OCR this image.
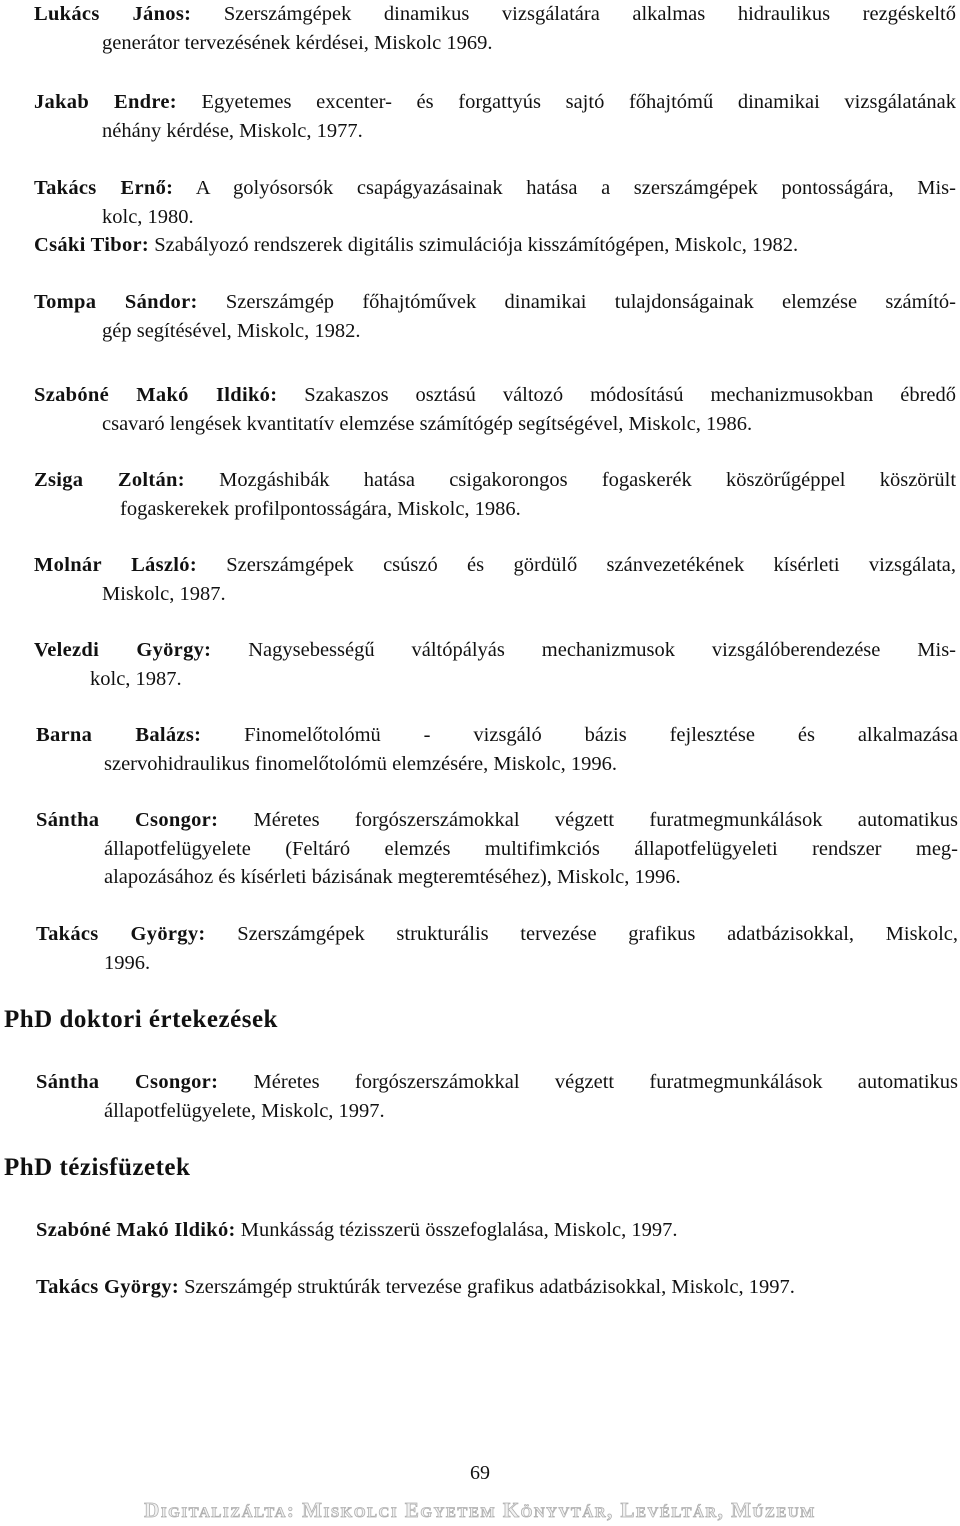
Lukács János: Szerszámgépek dinamikus vizsgálatára alkalmas hidraulikus rezgéskeltő
generátor tervezésének kérdései, Miskolc 1969.
Jakab Endre: Egyetemes excenter- és forgattyús sajtó főhajtómű dinamikai vizsgálatának
néhány kérdése, Miskolc, 1977.
Takács Ernő: A golyósorsók csapágyazásainak hatása a szerszámgépek pontosságára, Mis-
kolc, 1980.
Csáki Tibor: Szabályozó rendszerek digitális szimulációja kisszámítógépen, Miskolc, 1982.
Tompa Sándor: Szerszámgép főhajtóművek dinamikai tulajdonságainak elemzése számító-
gép segítésével, Miskolc, 1982.
Szabóné Makó Ildikó: Szakaszos osztású változó módosítású mechanizmusokban ébredő
csavaró lengések kvantitatív elemzése számítógép segítségével, Miskolc, 1986.
Zsiga Zoltán: Mozgáshibák hatása csigakorongos fogaskerék köszörűgéppel köszörült
fogaskerekek profilpontosságára, Miskolc, 1986.
Molnár László: Szerszámgépek csúszó és gördülő szánvezetékének kísérleti vizsgálata,
Miskolc, 1987.
Velezdi György: Nagysebességű váltópályás mechanizmusok vizsgálóberendezése Mis-
kolc, 1987.
Barna Balázs: Finomelőtolómü - vizsgáló bázis fejlesztése és alkalmazása
szervohidraulikus finomelőtolómü elemzésére, Miskolc, 1996.
Sántha Csongor: Méretes forgószerszámokkal végzett furatmegmunkálások automatikus
állapotfelügyelete (Feltáró elemzés multifimkciós állapotfelügyeleti rendszer meg-
alapozásához és kísérleti bázisának megteremtéséhez), Miskolc, 1996.
Takács György: Szerszámgépek strukturális tervezése grafikus adatbázisokkal, Miskolc,
1996.
PhD doktori értekezések
Sántha Csongor: Méretes forgószerszámokkal végzett furatmegmunkálások automatikus
állapotfelügyelete, Miskolc, 1997.
PhD tézisfüzetek
Szabóné Makó Ildikó: Munkásság tézisszerü összefoglalása, Miskolc, 1997.
Takács György: Szerszámgép struktúrák tervezése grafikus adatbázisokkal, Miskolc, 1997.
69
Digitalizálta: Miskolci Egyetem Könyvtár, Levéltár, Múzeum
